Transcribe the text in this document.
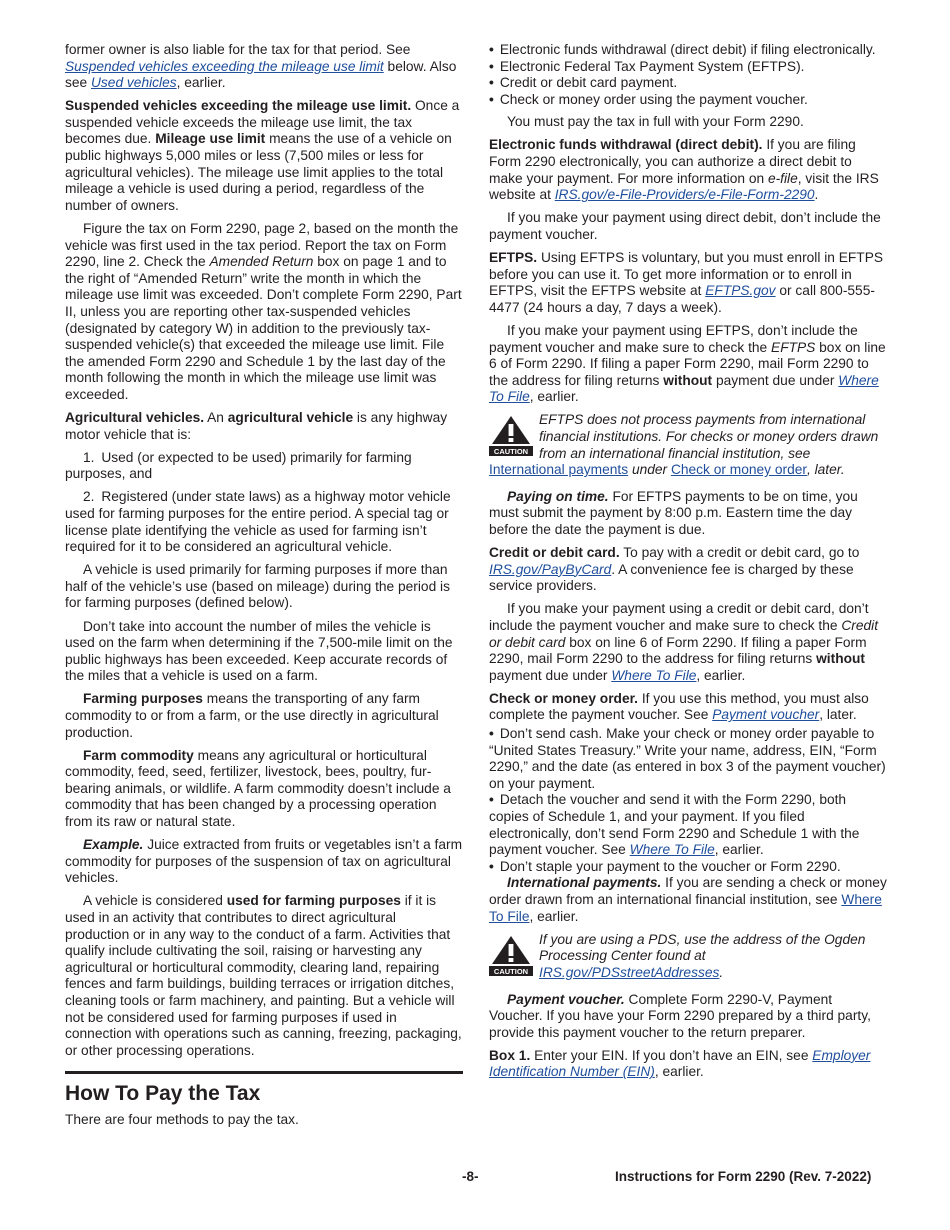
former owner is also liable for the tax for that period. See Suspended vehicles exceeding the mileage use limit below. Also see Used vehicles, earlier.

Suspended vehicles exceeding the mileage use limit. Once a suspended vehicle exceeds the mileage use limit, the tax becomes due. Mileage use limit means the use of a vehicle on public highways 5,000 miles or less (7,500 miles or less for agricultural vehicles). The mileage use limit applies to the total mileage a vehicle is used during a period, regardless of the number of owners.

Figure the tax on Form 2290, page 2, based on the month the vehicle was first used in the tax period. Report the tax on Form 2290, line 2. Check the Amended Return box on page 1 and to the right of “Amended Return” write the month in which the mileage use limit was exceeded. Don’t complete Form 2290, Part II, unless you are reporting other tax-suspended vehicles (designated by category W) in addition to the previously tax-suspended vehicle(s) that exceeded the mileage use limit. File the amended Form 2290 and Schedule 1 by the last day of the month following the month in which the mileage use limit was exceeded.

Agricultural vehicles. An agricultural vehicle is any highway motor vehicle that is:

1. Used (or expected to be used) primarily for farming purposes, and

2. Registered (under state laws) as a highway motor vehicle used for farming purposes for the entire period. A special tag or license plate identifying the vehicle as used for farming isn’t required for it to be considered an agricultural vehicle.

A vehicle is used primarily for farming purposes if more than half of the vehicle’s use (based on mileage) during the period is for farming purposes (defined below).

Don’t take into account the number of miles the vehicle is used on the farm when determining if the 7,500-mile limit on the public highways has been exceeded. Keep accurate records of the miles that a vehicle is used on a farm.

Farming purposes means the transporting of any farm commodity to or from a farm, or the use directly in agricultural production.

Farm commodity means any agricultural or horticultural commodity, feed, seed, fertilizer, livestock, bees, poultry, fur-bearing animals, or wildlife. A farm commodity doesn’t include a commodity that has been changed by a processing operation from its raw or natural state.

Example. Juice extracted from fruits or vegetables isn’t a farm commodity for purposes of the suspension of tax on agricultural vehicles.

A vehicle is considered used for farming purposes if it is used in an activity that contributes to direct agricultural production or in any way to the conduct of a farm. Activities that qualify include cultivating the soil, raising or harvesting any agricultural or horticultural commodity, clearing land, repairing fences and farm buildings, building terraces or irrigation ditches, cleaning tools or farm machinery, and painting. But a vehicle will not be considered used for farming purposes if used in connection with operations such as canning, freezing, packaging, or other processing operations.

How To Pay the Tax

There are four methods to pay the tax.

• Electronic funds withdrawal (direct debit) if filing electronically.
• Electronic Federal Tax Payment System (EFTPS).
• Credit or debit card payment.
• Check or money order using the payment voucher.

You must pay the tax in full with your Form 2290.

Electronic funds withdrawal (direct debit). If you are filing Form 2290 electronically, you can authorize a direct debit to make your payment. For more information on e-file, visit the IRS website at IRS.gov/e-File-Providers/e-File-Form-2290.

If you make your payment using direct debit, don’t include the payment voucher.

EFTPS. Using EFTPS is voluntary, but you must enroll in EFTPS before you can use it. To get more information or to enroll in EFTPS, visit the EFTPS website at EFTPS.gov or call 800-555-4477 (24 hours a day, 7 days a week).

If you make your payment using EFTPS, don’t include the payment voucher and make sure to check the EFTPS box on line 6 of Form 2290. If filing a paper Form 2290, mail Form 2290 to the address for filing returns without payment due under Where To File, earlier.

CAUTION
EFTPS does not process payments from international financial institutions. For checks or money orders drawn from an international financial institution, see International payments under Check or money order, later.

Paying on time. For EFTPS payments to be on time, you must submit the payment by 8:00 p.m. Eastern time the day before the date the payment is due.

Credit or debit card. To pay with a credit or debit card, go to IRS.gov/PayByCard. A convenience fee is charged by these service providers.

If you make your payment using a credit or debit card, don’t include the payment voucher and make sure to check the Credit or debit card box on line 6 of Form 2290. If filing a paper Form 2290, mail Form 2290 to the address for filing returns without payment due under Where To File, earlier.

Check or money order. If you use this method, you must also complete the payment voucher. See Payment voucher, later.

• Don’t send cash. Make your check or money order payable to “United States Treasury.” Write your name, address, EIN, “Form 2290,” and the date (as entered in box 3 of the payment voucher) on your payment.
• Detach the voucher and send it with the Form 2290, both copies of Schedule 1, and your payment. If you filed electronically, don’t send Form 2290 and Schedule 1 with the payment voucher. See Where To File, earlier.
• Don’t staple your payment to the voucher or Form 2290.

International payments. If you are sending a check or money order drawn from an international financial institution, see Where To File, earlier.

CAUTION
If you are using a PDS, use the address of the Ogden Processing Center found at IRS.gov/PDSstreetAddresses.

Payment voucher. Complete Form 2290-V, Payment Voucher. If you have your Form 2290 prepared by a third party, provide this payment voucher to the return preparer.

Box 1. Enter your EIN. If you don’t have an EIN, see Employer Identification Number (EIN), earlier.

-8-	Instructions for Form 2290 (Rev. 7-2022)
